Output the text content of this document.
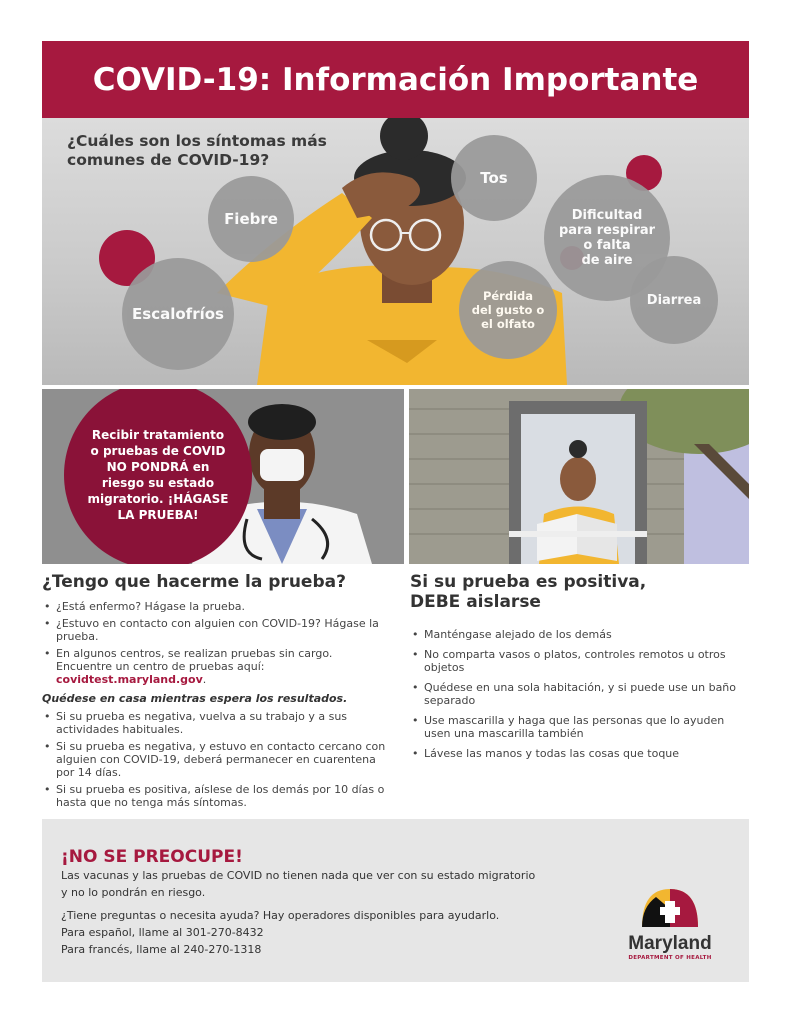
COVID-19: Información Importante
¿Cuáles son los síntomas más
comunes de COVID-19?
Fiebre
Tos
Dificultad
para respirar
o falta
de aire
Escalofríos
Pérdida
del gusto o
el olfato
Diarrea
Recibir tratamiento
o pruebas de COVID
NO PONDRÁ en
riesgo su estado
migratorio. ¡HÁGASE
LA PRUEBA!
¿Tengo que hacerme la prueba?
• ¿Está enfermo? Hágase la prueba.
• ¿Estuvo en contacto con alguien con COVID-19? Hágase la prueba.
• En algunos centros, se realizan pruebas sin cargo. Encuentre un centro de pruebas aquí: covidtest.maryland.gov.
Quédese en casa mientras espera los resultados.
• Si su prueba es negativa, vuelva a su trabajo y a sus actividades habituales.
• Si su prueba es negativa, y estuvo en contacto cercano con alguien con COVID-19, deberá permanecer en cuarentena por 14 días.
• Si su prueba es positiva, aíslese de los demás por 10 días o hasta que no tenga más síntomas.
Si su prueba es positiva,
DEBE aislarse
• Manténgase alejado de los demás
• No comparta vasos o platos, controles remotos u otros objetos
• Quédese en una sola habitación, y si puede use un baño separado
• Use mascarilla y haga que las personas que lo ayuden usen una mascarilla también
• Lávese las manos y todas las cosas que toque
¡NO SE PREOCUPE!

Las vacunas y las pruebas de COVID no tienen nada que ver con su estado migratorio y no lo pondrán en riesgo.

¿Tiene preguntas o necesita ayuda? Hay operadores disponibles para ayudarlo.

Para español, llame al 301-270-8432

Para francés, llame al 240-270-1318	Maryland
DEPARTMENT OF HEALTH
